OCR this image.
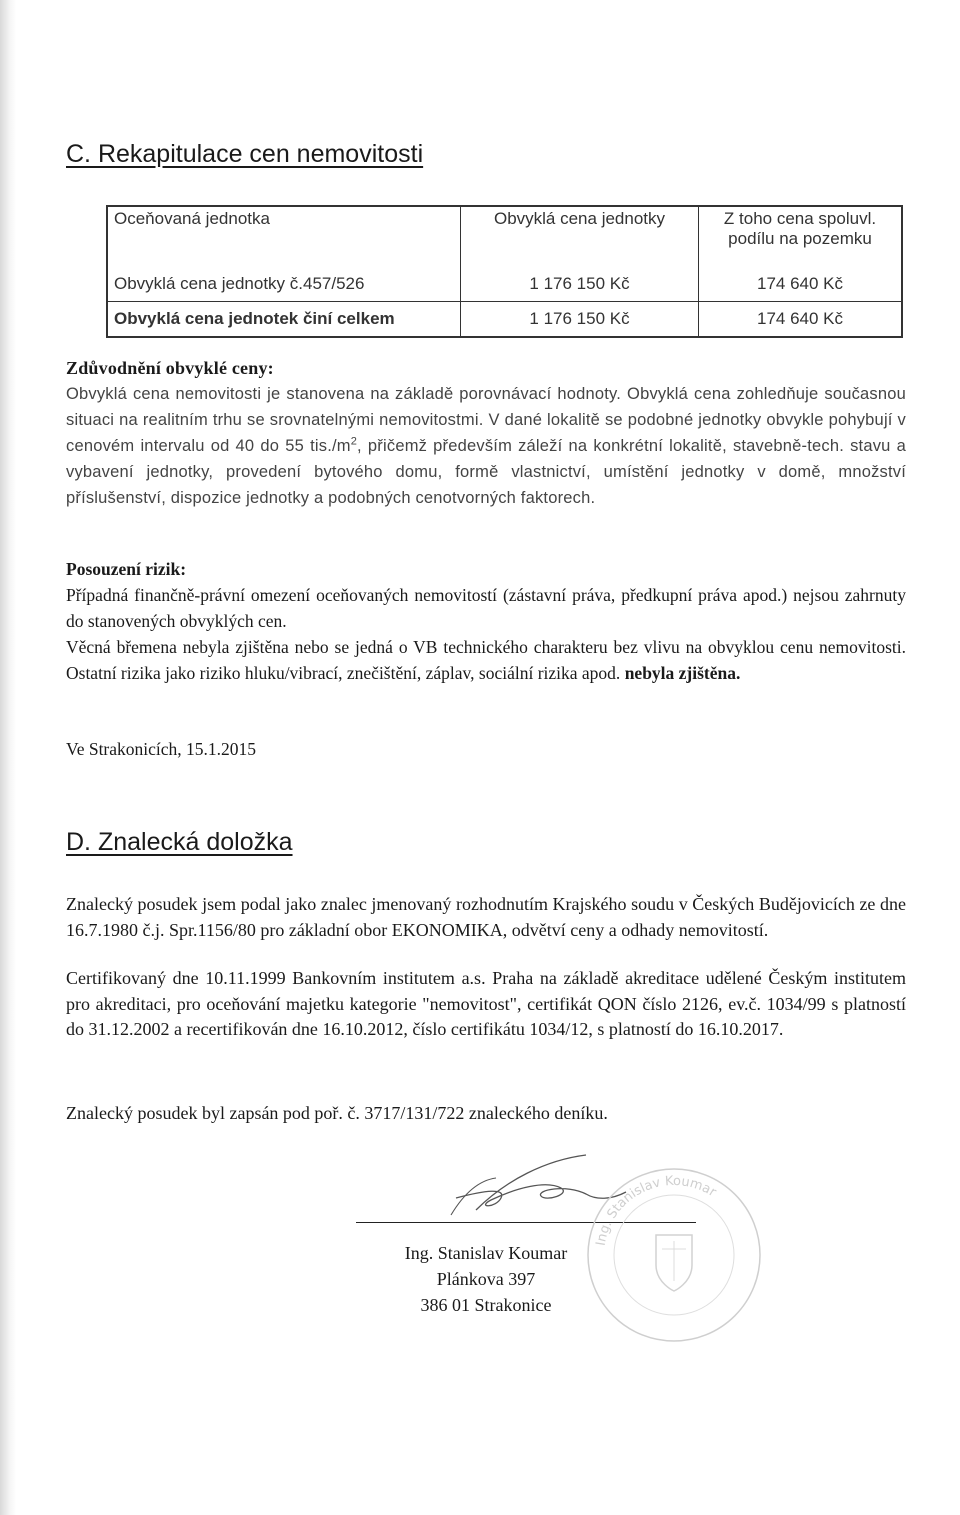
C. Rekapitulace cen nemovitosti
Oceňovaná jednotka	Obvyklá cena jednotky	Z toho cena spoluvl. podílu na pozemku
Obvyklá cena jednotky č.457/526	1 176 150 Kč	174 640 Kč
Obvyklá cena jednotek činí celkem	1 176 150 Kč	174 640 Kč
Zdůvodnění obvyklé ceny:
Obvyklá cena nemovitosti je stanovena na základě porovnávací hodnoty. Obvyklá cena zohledňuje současnou situaci na realitním trhu se srovnatelnými nemovitostmi. V dané lokalitě se podobné jednotky obvykle pohybují v cenovém intervalu od 40 do 55 $tis./m^2$, přičemž především záleží na konkrétní lokalitě, stavebně-tech. stavu a vybavení jednotky, provedení bytového domu, formě vlastnictví, umístění jednotky v domě, množství příslušenství, dispozice jednotky a podobných cenotvorných faktorech.
Posouzení rizik:
Případná finančně-právní omezení oceňovaných nemovitostí (zástavní práva, předkupní práva apod.) nejsou zahrnuty do stanovených obvyklých cen.
Věcná břemena nebyla zjištěna nebo se jedná o VB technického charakteru bez vlivu na obvyklou cenu nemovitosti. Ostatní rizika jako riziko hluku/vibrací, znečištění, záplav, sociální rizika apod. nebyla zjištěna.
Ve Strakonicích, 15.1.2015
D. Znalecká doložka
Znalecký posudek jsem podal jako znalec jmenovaný rozhodnutím Krajského soudu v Českých Budějovicích ze dne 16.7.1980 č.j. Spr.1156/80 pro základní obor EKONOMIKA, odvětví ceny a odhady nemovitostí.
Certifikovaný dne 10.11.1999 Bankovním institutem a.s. Praha na základě akreditace udělené Českým institutem pro akreditaci, pro oceňování majetku kategorie "nemovitost", certifikát QON číslo 2126, ev.č. 1034/99 s platností do 31.12.2002 a recertifikován dne 16.10.2012, číslo certifikátu 1034/12, s platností do 16.10.2017.
Znalecký posudek byl zapsán pod poř. č. 3717/131/722 znaleckého deníku.
Ing. Stanislav Koumar
Plánkova 397
386 01 Strakonice
Ing. Stanislav Koumar
